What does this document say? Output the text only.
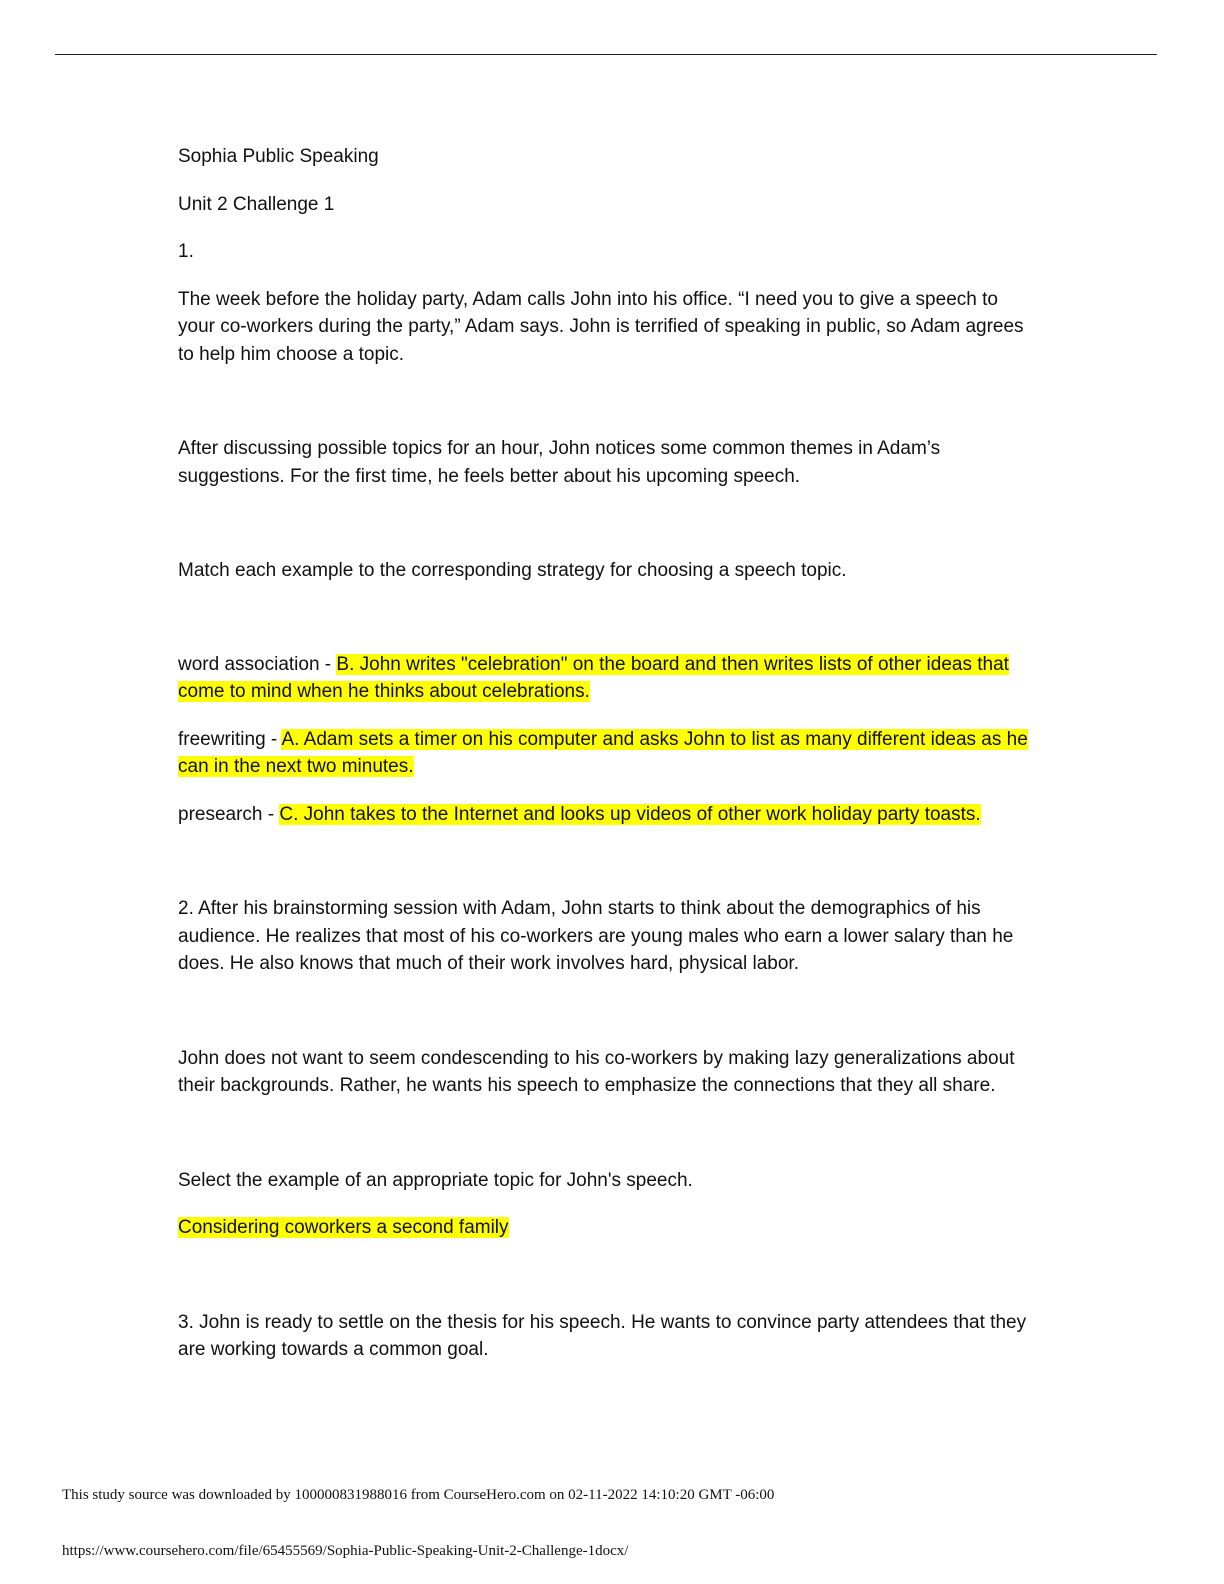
Sophia Public Speaking

Unit 2 Challenge 1

1.

The week before the holiday party, Adam calls John into his office. “I need you to give a speech to your co-workers during the party,” Adam says. John is terrified of speaking in public, so Adam agrees to help him choose a topic.

After discussing possible topics for an hour, John notices some common themes in Adam’s suggestions. For the first time, he feels better about his upcoming speech.

Match each example to the corresponding strategy for choosing a speech topic.

word association - B. John writes "celebration" on the board and then writes lists of other ideas that come to mind when he thinks about celebrations.

freewriting - A. Adam sets a timer on his computer and asks John to list as many different ideas as he can in the next two minutes.

presearch - C. John takes to the Internet and looks up videos of other work holiday party toasts.

2. After his brainstorming session with Adam, John starts to think about the demographics of his audience. He realizes that most of his co-workers are young males who earn a lower salary than he does. He also knows that much of their work involves hard, physical labor.

John does not want to seem condescending to his co-workers by making lazy generalizations about their backgrounds. Rather, he wants his speech to emphasize the connections that they all share.

Select the example of an appropriate topic for John's speech.

Considering coworkers a second family

3. John is ready to settle on the thesis for his speech. He wants to convince party attendees that they are working towards a common goal.

This study source was downloaded by 100000831988016 from CourseHero.com on 02-11-2022 14:10:20 GMT -06:00
https://www.coursehero.com/file/65455569/Sophia-Public-Speaking-Unit-2-Challenge-1docx/
